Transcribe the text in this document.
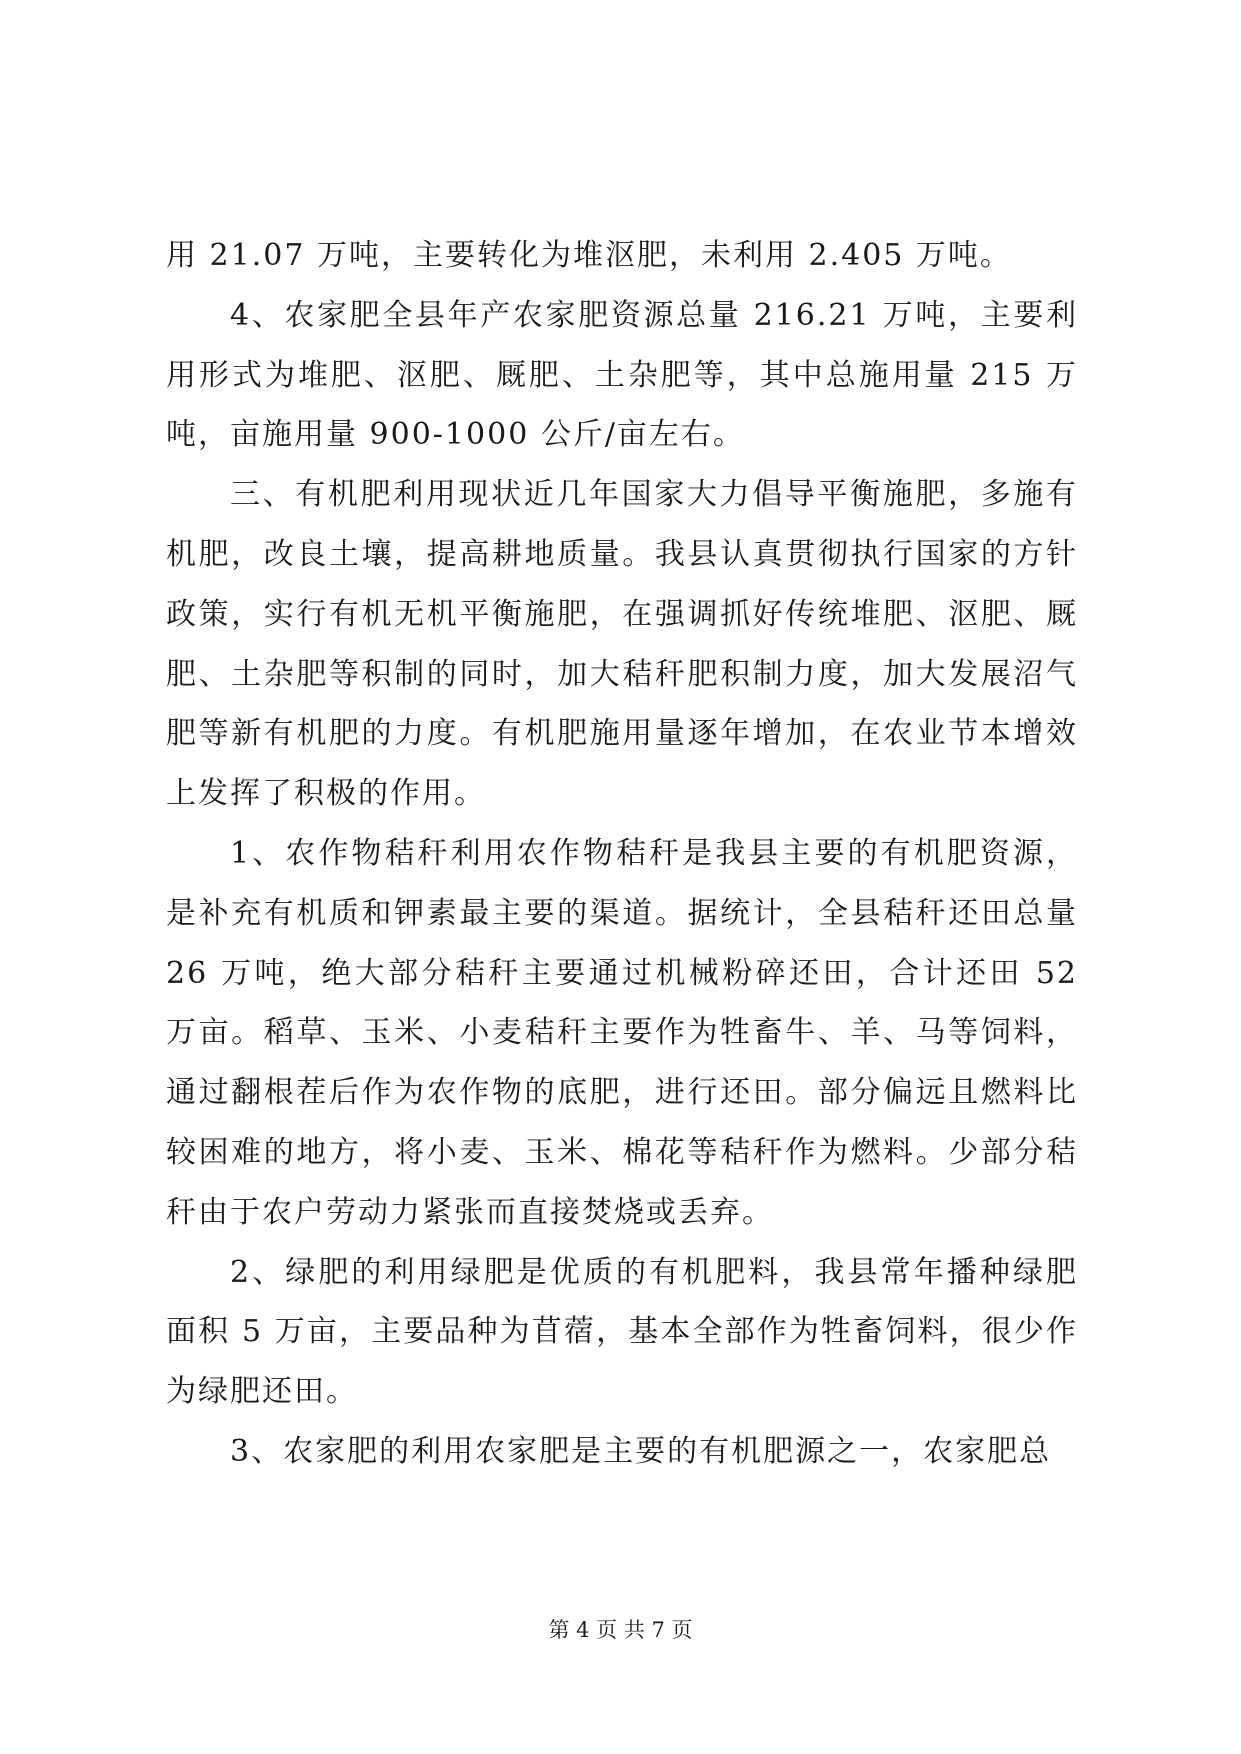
用 21.07 万吨，主要转化为堆沤肥，未利用 2.405 万吨。

4、农家肥全县年产农家肥资源总量 216.21 万吨，主要利用形式为堆肥、沤肥、厩肥、土杂肥等，其中总施用量 215 万吨，亩施用量 900-1000 公斤/亩左右。

三、有机肥利用现状近几年国家大力倡导平衡施肥，多施有机肥，改良土壤，提高耕地质量。我县认真贯彻执行国家的方针政策，实行有机无机平衡施肥，在强调抓好传统堆肥、沤肥、厩肥、土杂肥等积制的同时，加大秸秆肥积制力度，加大发展沼气肥等新有机肥的力度。有机肥施用量逐年增加，在农业节本增效上发挥了积极的作用。

1、农作物秸秆利用农作物秸秆是我县主要的有机肥资源，是补充有机质和钾素最主要的渠道。据统计，全县秸秆还田总量 26 万吨，绝大部分秸秆主要通过机械粉碎还田，合计还田 52 万亩。稻草、玉米、小麦秸秆主要作为牲畜牛、羊、马等饲料，通过翻根茬后作为农作物的底肥，进行还田。部分偏远且燃料比较困难的地方，将小麦、玉米、棉花等秸秆作为燃料。少部分秸秆由于农户劳动力紧张而直接焚烧或丢弃。

2、绿肥的利用绿肥是优质的有机肥料，我县常年播种绿肥面积 5 万亩，主要品种为苜蓿，基本全部作为牲畜饲料，很少作为绿肥还田。

3、农家肥的利用农家肥是主要的有机肥源之一，农家肥总

第 4 页 共 7 页
